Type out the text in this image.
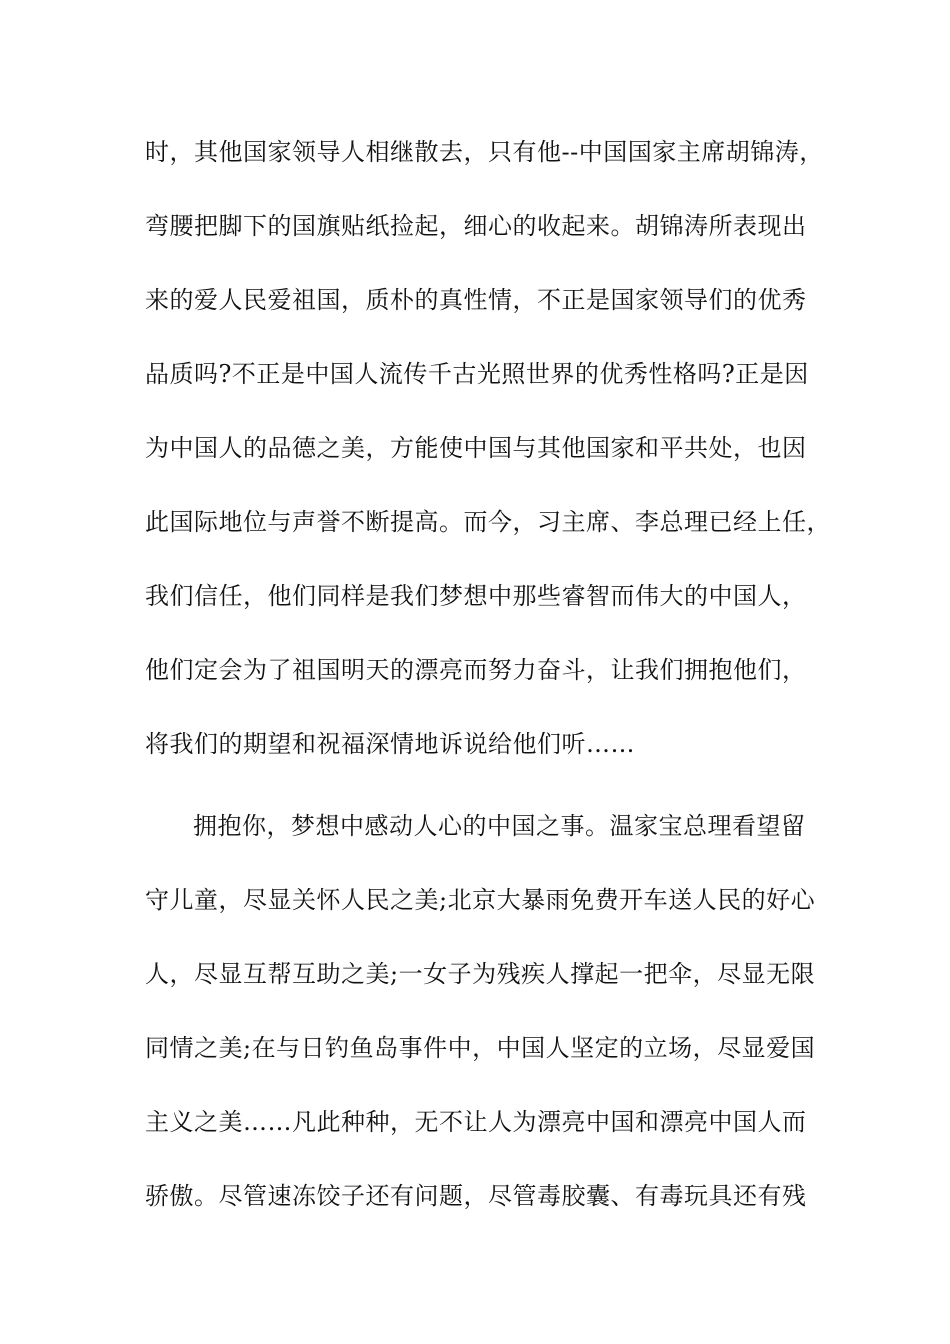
时，其他国家领导人相继散去，只有他--中国国家主席胡锦涛，
弯腰把脚下的国旗贴纸捡起，细心的收起来。胡锦涛所表现出
来的爱人民爱祖国，质朴的真性情，不正是国家领导们的优秀
品质吗?不正是中国人流传千古光照世界的优秀性格吗?正是因
为中国人的品德之美，方能使中国与其他国家和平共处，也因
此国际地位与声誉不断提高。而今，习主席、李总理已经上任，
我们信任，他们同样是我们梦想中那些睿智而伟大的中国人，
他们定会为了祖国明天的漂亮而努力奋斗，让我们拥抱他们，
将我们的期望和祝福深情地诉说给他们听……
拥抱你，梦想中感动人心的中国之事。温家宝总理看望留
守儿童，尽显关怀人民之美;北京大暴雨免费开车送人民的好心
人，尽显互帮互助之美;一女子为残疾人撑起一把伞，尽显无限
同情之美;在与日钓鱼岛事件中，中国人坚定的立场，尽显爱国
主义之美……凡此种种，无不让人为漂亮中国和漂亮中国人而
骄傲。尽管速冻饺子还有问题，尽管毒胶囊、有毒玩具还有残
